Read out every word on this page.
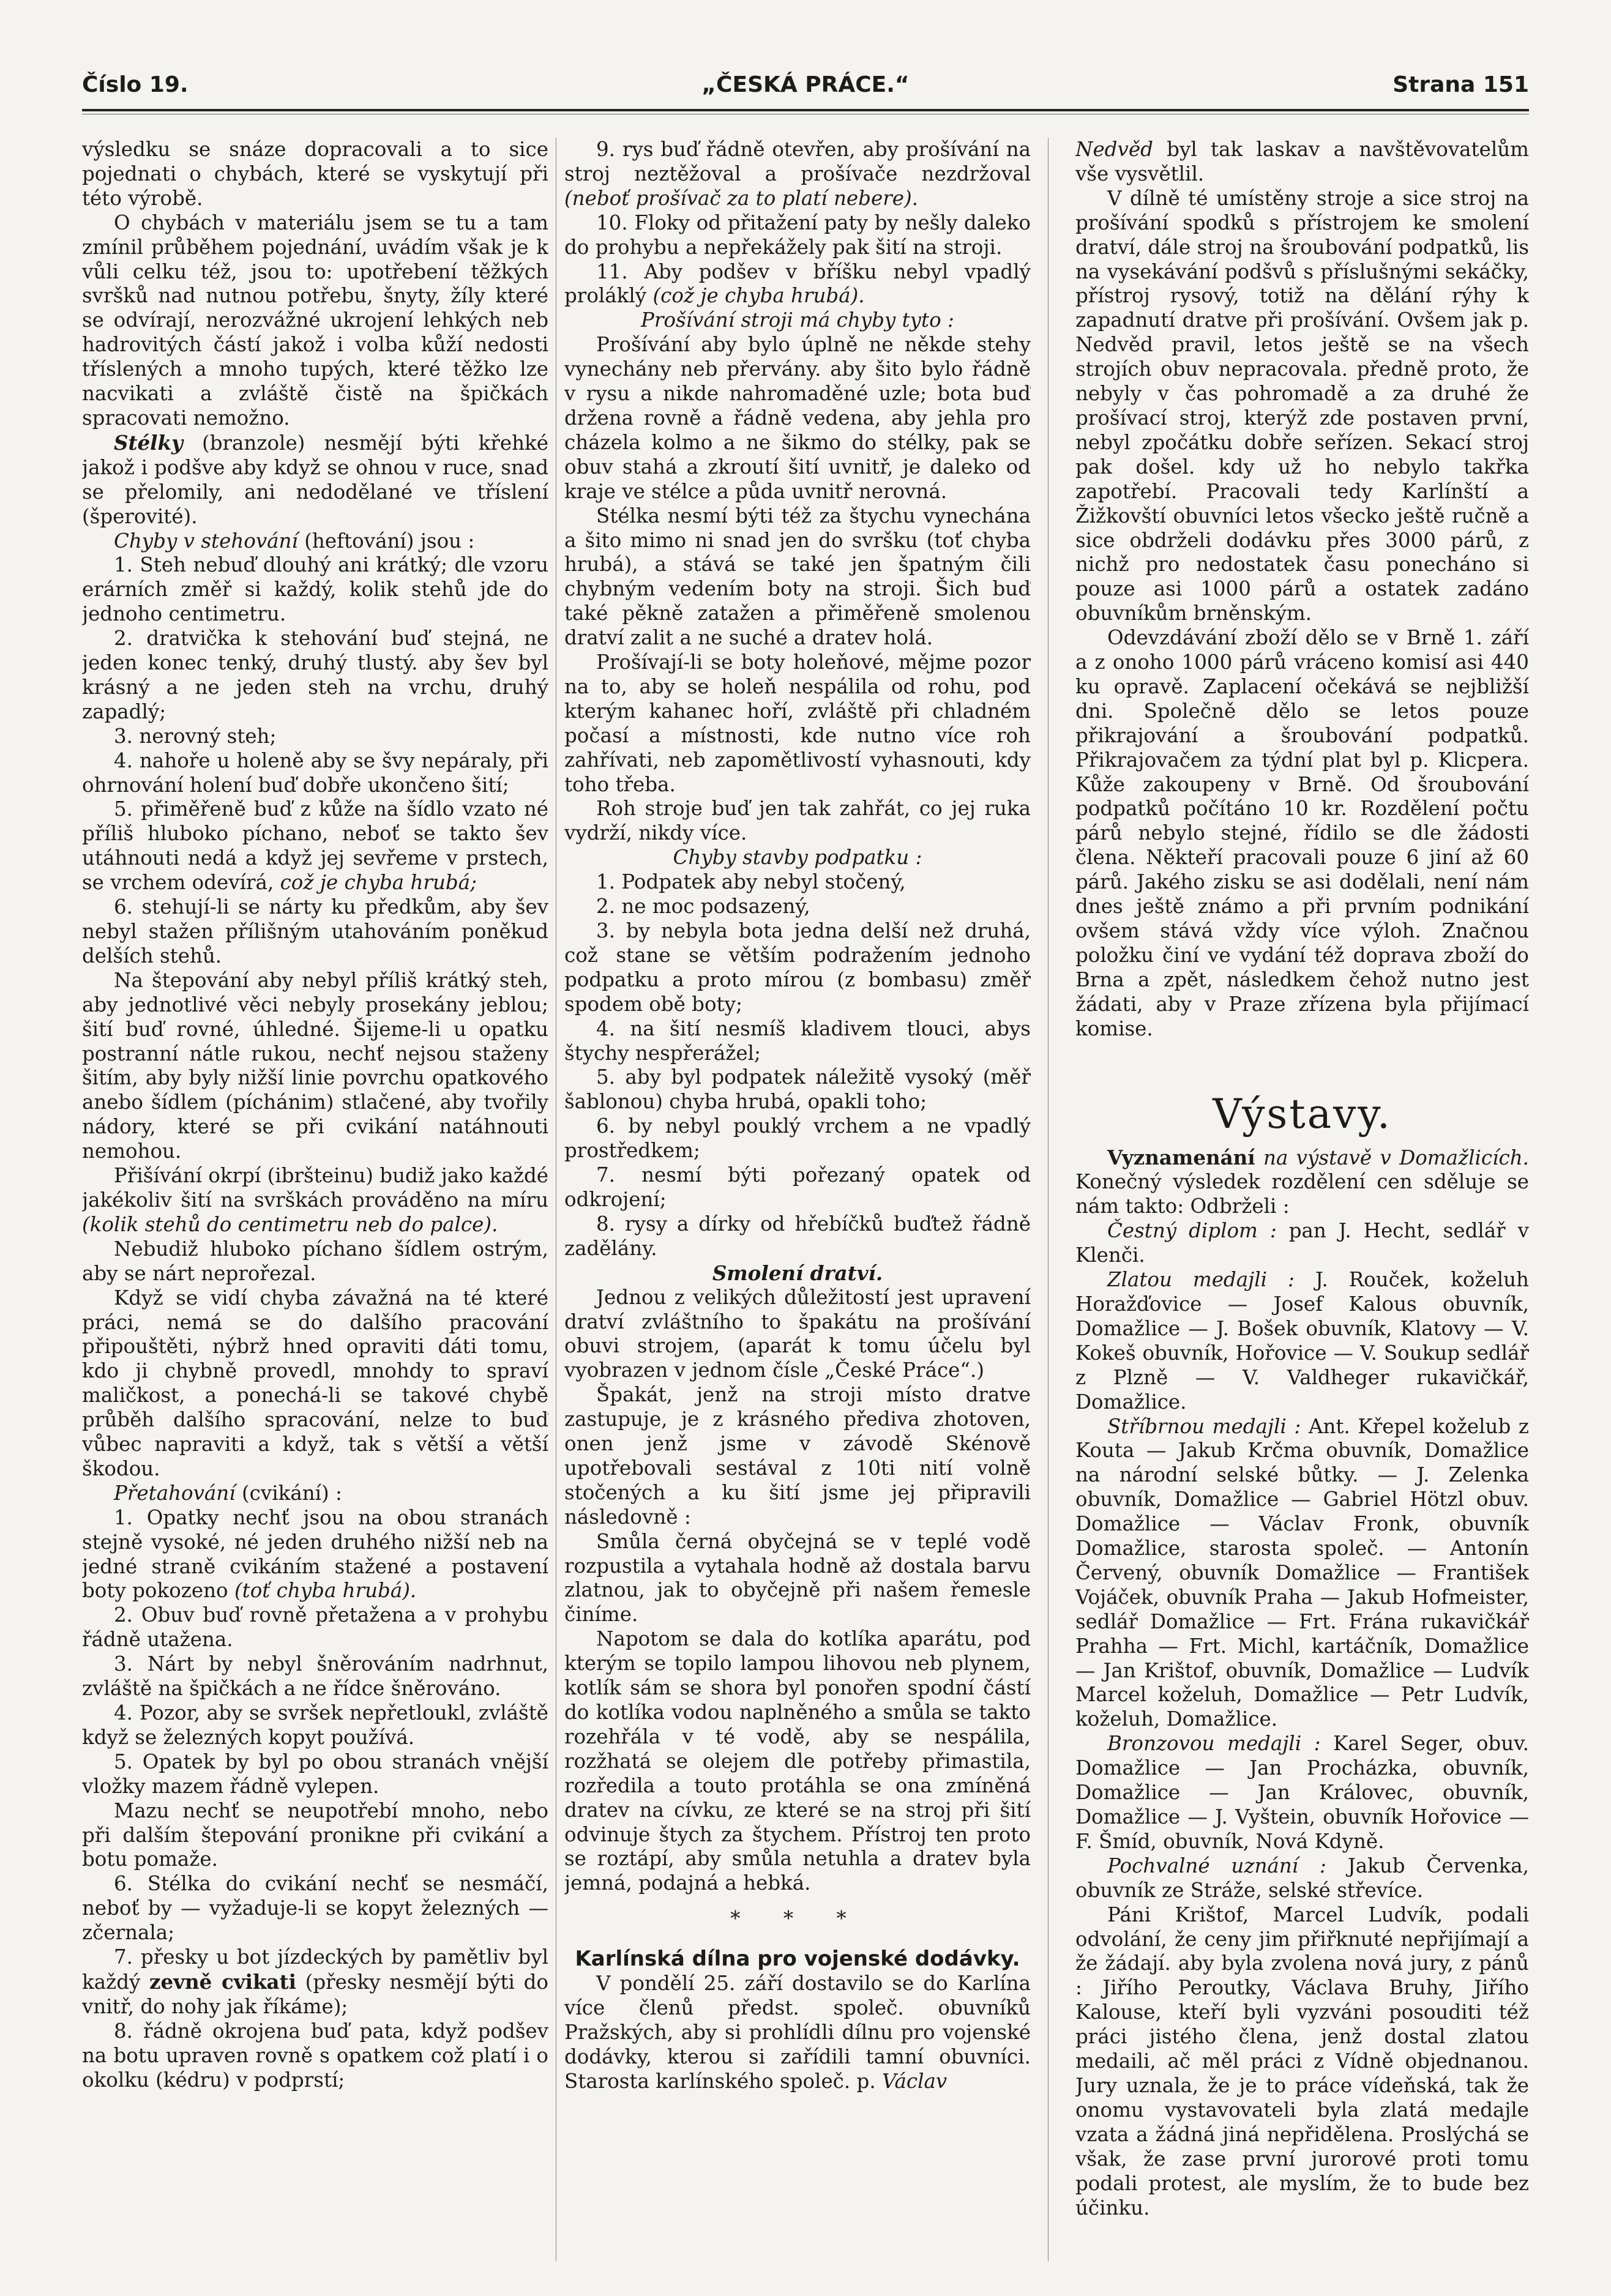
Číslo 19.	„ČESKÁ PRÁCE.“	Strana 151

výsledku se snáze dopracovali a to sice pojednati o chybách, které se vyskytují při této výrobě.

O chybách v materiálu jsem se tu a tam zmínil průběhem pojednání, uvádím však je k vůli celku též, jsou to: upotřebení těžkých svršků nad nutnou potřebu, šnyty, žíly které se odvírají, nerozvážné ukrojení lehkých neb hadrovitých částí jakož i volba kůží nedosti tříslených a mnoho tupých, které těžko lze nacvikati a zvláště čistě na špičkách spracovati nemožno.

Stélky (branzole) nesmějí býti křehké jakož i podšve aby když se ohnou v ruce, snad se přelomily, ani nedodělané ve tříslení (šperovité).

Chyby v stehování (heftování) jsou :

1. Steh nebuď dlouhý ani krátký; dle vzoru erárních změř si každý, kolik stehů jde do jednoho centimetru.

2. dratvička k stehování buď stejná, ne jeden konec tenký, druhý tlustý. aby šev byl krásný a ne jeden steh na vrchu, druhý zapadlý;

3. nerovný steh;

4. nahoře u holeně aby se švy nepáraly, při ohrnování holení buď dobře ukončeno šití;

5. přiměřeně buď z kůže na šídlo vzato né příliš hluboko píchano, neboť se takto šev utáhnouti nedá a když jej sevřeme v prstech, se vrchem odevírá, což je chyba hrubá;

6. stehují-li se nárty ku předkům, aby šev nebyl stažen přílišným utahováním poněkud delších stehů.

Na štepování aby nebyl příliš krátký steh, aby jednotlivé věci nebyly prosekány jeblou; šití buď rovné, úhledné. Šijeme-li u opatku postranní nátle rukou, nechť nejsou staženy šitím, aby byly nižší linie povrchu opatkového anebo šídlem (píchánim) stlačené, aby tvořily nádory, které se při cvikání natáhnouti nemohou.

Přišívání okrpí (ibršteinu) budiž jako každé jakékoliv šití na svrškách prováděno na míru (kolik stehů do centimetru neb do palce).

Nebudiž hluboko píchano šídlem ostrým, aby se nárt neprořezal.

Když se vidí chyba závažná na té které práci, nemá se do dalšího pracování připouštěti, nýbrž hned opraviti dáti tomu, kdo ji chybně provedl, mnohdy to spraví maličkost, a ponechá-li se takové chybě průběh dalšího spracování, nelze to buď vůbec napraviti a když, tak s větší a větší škodou.

Přetahování (cvikání) :

1. Opatky nechť jsou na obou stranách stejně vysoké, né jeden druhého nižší neb na jedné straně cvikáním stažené a postavení boty pokozeno (toť chyba hrubá).

2. Obuv buď rovně přetažena a v prohybu řádně utažena.

3. Nárt by nebyl šněrováním nadrhnut, zvláště na špičkách a ne řídce šněrováno.

4. Pozor, aby se svršek nepřetloukl, zvláště když se železných kopyt používá.

5. Opatek by byl po obou stranách vnější vložky mazem řádně vylepen.

Mazu nechť se neupotřebí mnoho, nebo při dalším štepování pronikne při cvikání a botu pomaže.

6. Stélka do cvikání nechť se nesmáčí, neboť by — vyžaduje-li se kopyt železných — zčernala;

7. přesky u bot jízdeckých by pamětliv byl každý zevně cvikati (přesky nesmějí býti do vnitř, do nohy jak říkáme);

8. řádně okrojena buď pata, když podšev na botu upraven rovně s opatkem což platí i o okolku (kédru) v podprstí;

9. rys buď řádně otevřen, aby prošívání na stroj neztěžoval a prošívače nezdržoval (neboť prošívač za to platí nebere).

10. Floky od přitažení paty by nešly daleko do prohybu a nepřekážely pak šití na stroji.

11. Aby podšev v bříšku nebyl vpadlý proláklý (což je chyba hrubá).

Prošívání stroji má chyby tyto :

Prošívání aby bylo úplně ne někde stehy vynechány neb přervány. aby šito bylo řádně v rysu a nikde nahromaděné uzle; bota buď držena rovně a řádně vedena, aby jehla pro cházela kolmo a ne šikmo do stélky, pak se obuv stahá a zkroutí šití uvnitř, je daleko od kraje ve stélce a půda uvnitř nerovná.

Stélka nesmí býti též za štychu vynechána a šito mimo ni snad jen do svršku (toť chyba hrubá), a stává se také jen špatným čili chybným vedením boty na stroji. Šich buď také pěkně zatažen a přiměřeně smolenou dratví zalit a ne suché a dratev holá.

Prošívají-li se boty holeňové, mějme pozor na to, aby se holeň nespálila od rohu, pod kterým kahanec hoří, zvláště při chladném počasí a místnosti, kde nutno více roh zahřívati, neb zapomětlivostí vyhasnouti, kdy toho třeba.

Roh stroje buď jen tak zahřát, co jej ruka vydrží, nikdy více.

Chyby stavby podpatku :

1. Podpatek aby nebyl stočený,

2. ne moc podsazený,

3. by nebyla bota jedna delší než druhá, což stane se větším podražením jednoho podpatku a proto mírou (z bombasu) změř spodem obě boty;

4. na šití nesmíš kladivem tlouci, abys štychy nespřerážel;

5. aby byl podpatek náležitě vysoký (měř šablonou) chyba hrubá, opakli toho;

6. by nebyl pouklý vrchem a ne vpadlý prostředkem;

7. nesmí býti pořezaný opatek od odkrojení;

8. rysy a dírky od hřebíčků buďtež řádně zadělány.

Smolení dratví.

Jednou z velikých důležitostí jest upravení dratví zvláštního to špakátu na prošívání obuvi strojem, (aparát k tomu účelu byl vyobrazen v jednom čísle „České Práce“.)

Špakát, jenž na stroji místo dratve zastupuje, je z krásného přediva zhotoven, onen jenž jsme v závodě Skénově upotřebovali sestával z 10ti nití volně stočených a ku šití jsme jej připravili následovně :

Smůla černá obyčejná se v teplé vodě rozpustila a vytahala hodně až dostala barvu zlatnou, jak to obyčejně při našem řemesle činíme.

Napotom se dala do kotlíka aparátu, pod kterým se topilo lampou lihovou neb plynem, kotlík sám se shora byl ponořen spodní částí do kotlíka vodou naplněného a smůla se takto rozehřála v té vodě, aby se nespálila, rozžhatá se olejem dle potřeby přimastila, rozředila a touto protáhla se ona zmíněná dratev na cívku, ze které se na stroj při šití odvinuje štych za štychem. Přístroj ten proto se roztápí, aby smůla netuhla a dratev byla jemná, podajná a hebká.

* * *

Karlínská dílna pro vojenské dodávky.

V pondělí 25. září dostavilo se do Karlína více členů předst. společ. obuvníků Pražských, aby si prohlídli dílnu pro vojenské dodávky, kterou si zařídili tamní obuvníci. Starosta karlínského společ. p. Václav

Nedvěd byl tak laskav a navštěvovatelům vše vysvětlil.

V dílně té umístěny stroje a sice stroj na prošívání spodků s přístrojem ke smolení dratví, dále stroj na šroubování podpatků, lis na vysekávání podšvů s příslušnými sekáčky, přístroj rysový, totiž na dělání rýhy k zapadnutí dratve při prošívání. Ovšem jak p. Nedvěd pravil, letos ještě se na všech strojích obuv nepracovala. předně proto, že nebyly v čas pohromadě a za druhé že prošívací stroj, kterýž zde postaven první, nebyl zpočátku dobře seřízen. Sekací stroj pak došel. kdy už ho nebylo takřka zapotřebí. Pracovali tedy Karlínští a Žižkovští obuvníci letos všecko ještě ručně a sice obdrželi dodávku přes 3000 párů, z nichž pro nedostatek času ponecháno si pouze asi 1000 párů a ostatek zadáno obuvníkům brněnským.

Odevzdávání zboží dělo se v Brně 1. září a z onoho 1000 párů vráceno komisí asi 440 ku opravě. Zaplacení očekává se nejbližší dni. Společně dělo se letos pouze přikrajování a šroubování podpatků. Přikrajovačem za týdní plat byl p. Klicpera. Kůže zakoupeny v Brně. Od šroubování podpatků počítáno 10 kr. Rozdělení počtu párů nebylo stejné, řídilo se dle žádosti člena. Někteří pracovali pouze 6 jiní až 60 párů. Jakého zisku se asi dodělali, není nám dnes ještě známo a při prvním podnikání ovšem stává vždy více výloh. Značnou položku činí ve vydání též doprava zboží do Brna a zpět, následkem čehož nutno jest žádati, aby v Praze zřízena byla přijímací komise.

Výstavy.

Vyznamenání na výstavě v Domažlicích. Konečný výsledek rozdělení cen sděluje se nám takto: Odbrželi :

Čestný diplom : pan J. Hecht, sedlář v Klenči.

Zlatou medajli : J. Rouček, koželuh Horažďovice — Josef Kalous obuvník, Domažlice — J. Bošek obuvník, Klatovy — V. Kokeš obuvník, Hořovice — V. Soukup sedlář z Plzně — V. Valdheger rukavičkář, Domažlice.

Stříbrnou medajli : Ant. Křepel koželub z Kouta — Jakub Krčma obuvník, Domažlice na národní selské bůtky. — J. Zelenka obuvník, Domažlice — Gabriel Hötzl obuv. Domažlice — Václav Fronk, obuvník Domažlice, starosta společ. — Antonín Červený, obuvník Domažlice — František Vojáček, obuvník Praha — Jakub Hofmeister, sedlář Domažlice — Frt. Frána rukavičkář Prahha — Frt. Michl, kartáčník, Domažlice — Jan Krištof, obuvník, Domažlice — Ludvík Marcel koželuh, Domažlice — Petr Ludvík, koželuh, Domažlice.

Bronzovou medajli : Karel Seger, obuv. Domažlice — Jan Procházka, obuvník, Domažlice — Jan Královec, obuvník, Domažlice — J. Vyštein, obuvník Hořovice — F. Šmíd, obuvník, Nová Kdyně.

Pochvalné uznání : Jakub Červenka, obuvník ze Stráže, selské střevíce.

Páni Krištof, Marcel Ludvík, podali odvolání, že ceny jim přiřknuté nepřijímají a že žádají. aby byla zvolena nová jury, z pánů : Jiřího Peroutky, Václava Bruhy, Jiřího Kalouse, kteří byli vyzváni posouditi též práci jistého člena, jenž dostal zlatou medaili, ač měl práci z Vídně objednanou. Jury uznala, že je to práce vídeňská, tak že onomu vystavovateli byla zlatá medajle vzata a žádná jiná nepřidělena. Proslýchá se však, že zase první jurorové proti tomu podali protest, ale myslím, že to bude bez účinku.
